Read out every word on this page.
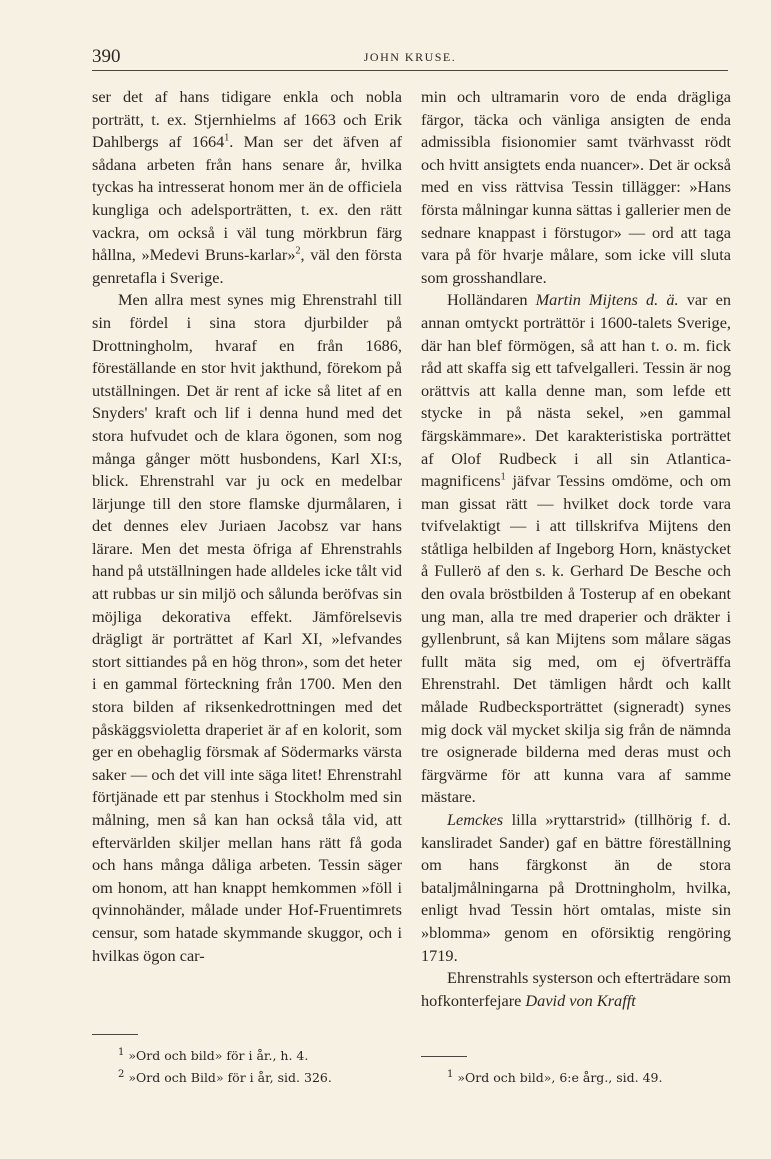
390	JOHN KRUSE.

ser det af hans tidigare enkla och nobla porträtt, t. ex. Stjernhielms af 1663 och Erik Dahlbergs af 1664$^1$. Man ser det äfven af sådana arbeten från hans senare år, hvilka tyckas ha intresserat honom mer än de officiela kungliga och adelsporträtten, t. ex. den rätt vackra, om också i väl tung mörkbrun färg hållna, »Medevi Bruns-karlar»$^2$, väl den första genretafla i Sverige.

Men allra mest synes mig Ehrenstrahl till sin fördel i sina stora djurbilder på Drottningholm, hvaraf en från 1686, föreställande en stor hvit jakthund, förekom på utställningen. Det är rent af icke så litet af en Snyders' kraft och lif i denna hund med det stora hufvudet och de klara ögonen, som nog många gånger mött husbondens, Karl XI:s, blick. Ehrenstrahl var ju ock en medelbar lärjunge till den store flamske djurmålaren, i det dennes elev Juriaen Jacobsz var hans lärare. Men det mesta öfriga af Ehrenstrahls hand på utställningen hade alldeles icke tålt vid att rubbas ur sin miljö och sålunda beröfvas sin möjliga dekorativa effekt. Jämförelsevis drägligt är porträttet af Karl XI, »lefvandes stort sittiandes på en hög thron», som det heter i en gammal förteckning från 1700. Men den stora bilden af riksenkedrottningen med det påskäggsvioletta draperiet är af en kolorit, som ger en obehaglig försmak af Södermarks värsta saker — och det vill inte säga litet! Ehrenstrahl förtjänade ett par stenhus i Stockholm med sin målning, men så kan han också tåla vid, att eftervärlden skiljer mellan hans rätt få goda och hans många dåliga arbeten. Tessin säger om honom, att han knappt hemkommen »föll i qvinnohänder, målade under Hof-Fruentimrets censur, som hatade skymmande skuggor, och i hvilkas ögon car-

$^1$ »Ord och bild» för i år., h. 4.

$^2$ »Ord och Bild» för i år, sid. 326.

min och ultramarin voro de enda drägliga färgor, täcka och vänliga ansigten de enda admissibla fisionomier samt tvärhvasst rödt och hvitt ansigtets enda nuancer». Det är också med en viss rättvisa Tessin tillägger: »Hans första målningar kunna sättas i gallerier men de sednare knappast i förstugor» — ord att taga vara på för hvarje målare, som icke vill sluta som grosshandlare.

Holländaren Martin Mijtens d. ä. var en annan omtyckt porträttör i 1600-talets Sverige, där han blef förmögen, så att han t. o. m. fick råd att skaffa sig ett tafvelgalleri. Tessin är nog orättvis att kalla denne man, som lefde ett stycke in på nästa sekel, »en gammal färgskämmare». Det karakteristiska porträttet af Olof Rudbeck i all sin Atlantica-magnificens$^1$ jäfvar Tessins omdöme, och om man gissat rätt — hvilket dock torde vara tvifvelaktigt — i att tillskrifva Mijtens den ståtliga helbilden af Ingeborg Horn, knästycket å Fullerö af den s. k. Gerhard De Besche och den ovala bröstbilden å Tosterup af en obekant ung man, alla tre med draperier och dräkter i gyllenbrunt, så kan Mijtens som målare sägas fullt mäta sig med, om ej öfverträffa Ehrenstrahl. Det tämligen hårdt och kallt målade Rudbecksporträttet (signeradt) synes mig dock väl mycket skilja sig från de nämnda tre osignerade bilderna med deras must och färgvärme för att kunna vara af samme mästare.

Lemckes lilla »ryttarstrid» (tillhörig f. d. kansliradet Sander) gaf en bättre föreställning om hans färgkonst än de stora bataljmålningarna på Drottningholm, hvilka, enligt hvad Tessin hört omtalas, miste sin »blomma» genom en oförsiktig rengöring 1719.

Ehrenstrahls systerson och efterträdare som hofkonterfejare David von Krafft

$^1$ »Ord och bild», 6:e årg., sid. 49.
